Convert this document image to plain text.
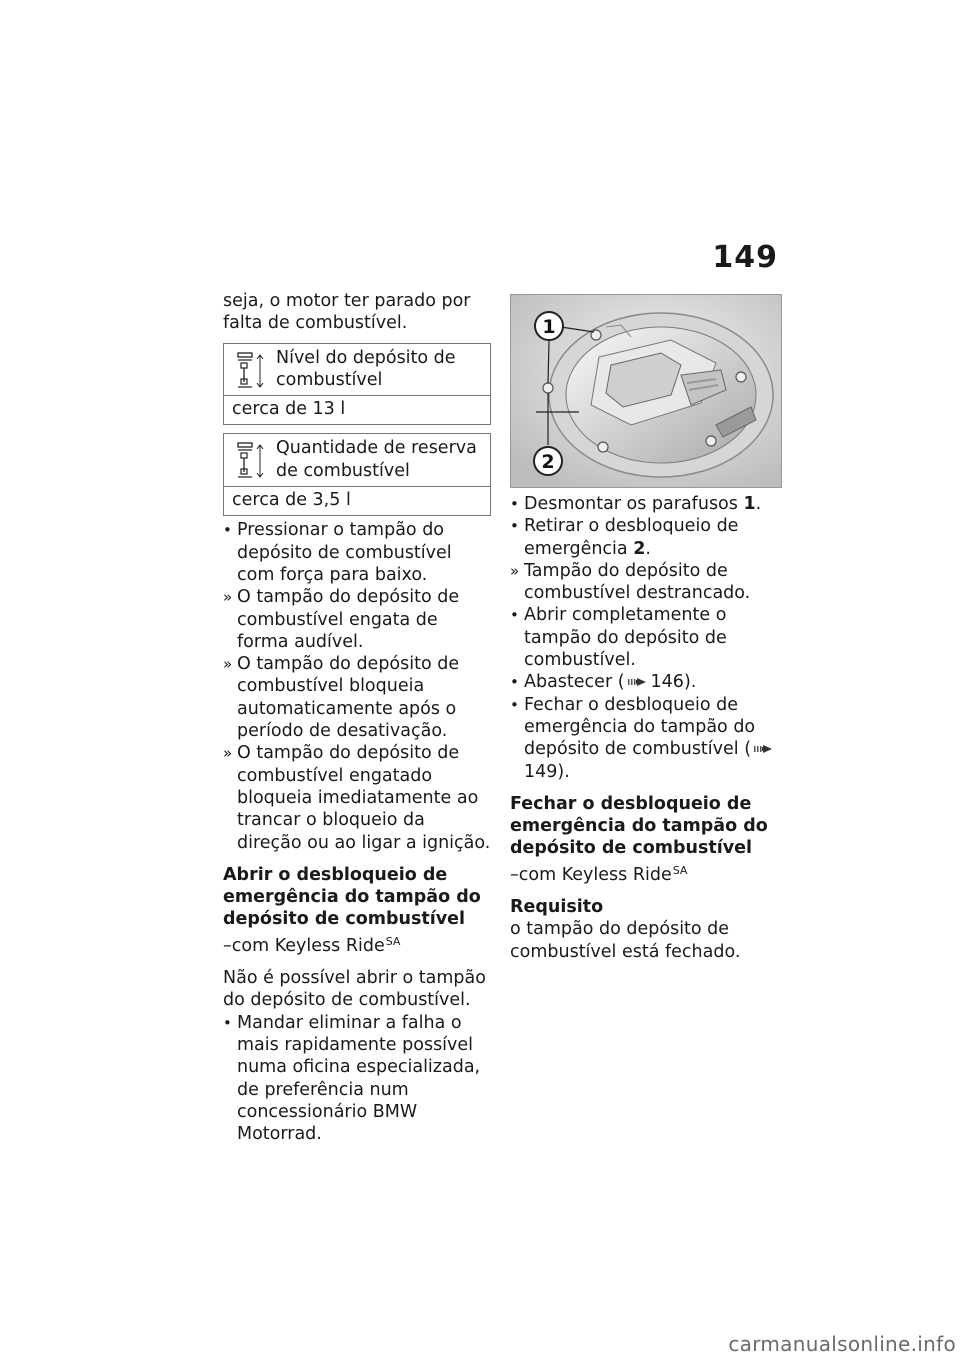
149

seja, o motor ter parado por falta de combustível.

Nível do depósito de combustível
cerca de 13 l
Quantidade de reserva de combustível
cerca de 3,5 l
• Pressionar o tampão do depósito de combustível com força para baixo.
» O tampão do depósito de combustível engata de forma audível.
» O tampão do depósito de combustível bloqueia automaticamente após o período de desativação.
» O tampão do depósito de combustível engatado bloqueia imediatamente ao trancar o bloqueio da direção ou ao ligar a ignição.
Abrir o desbloqueio de emergência do tampão do depósito de combustível

–com Keyless Ride$^{SA}$

Não é possível abrir o tampão do depósito de combustível.

• Mandar eliminar a falha o mais rapidamente possível numa oficina especializada, de preferência num concessionário BMW Motorrad.
1
2
• Desmontar os parafusos 1.
• Retirar o desbloqueio de emergência 2.
» Tampão do depósito de combustível destrancado.
• Abrir completamente o tampão do depósito de combustível.
• Abastecer ( 146).
• Fechar o desbloqueio de emergência do tampão do depósito de combustível (149).
Fechar o desbloqueio de emergência do tampão do depósito de combustível

–com Keyless Ride$^{SA}$

Requisito

o tampão do depósito de combustível está fechado.

carmanualsonline.info
